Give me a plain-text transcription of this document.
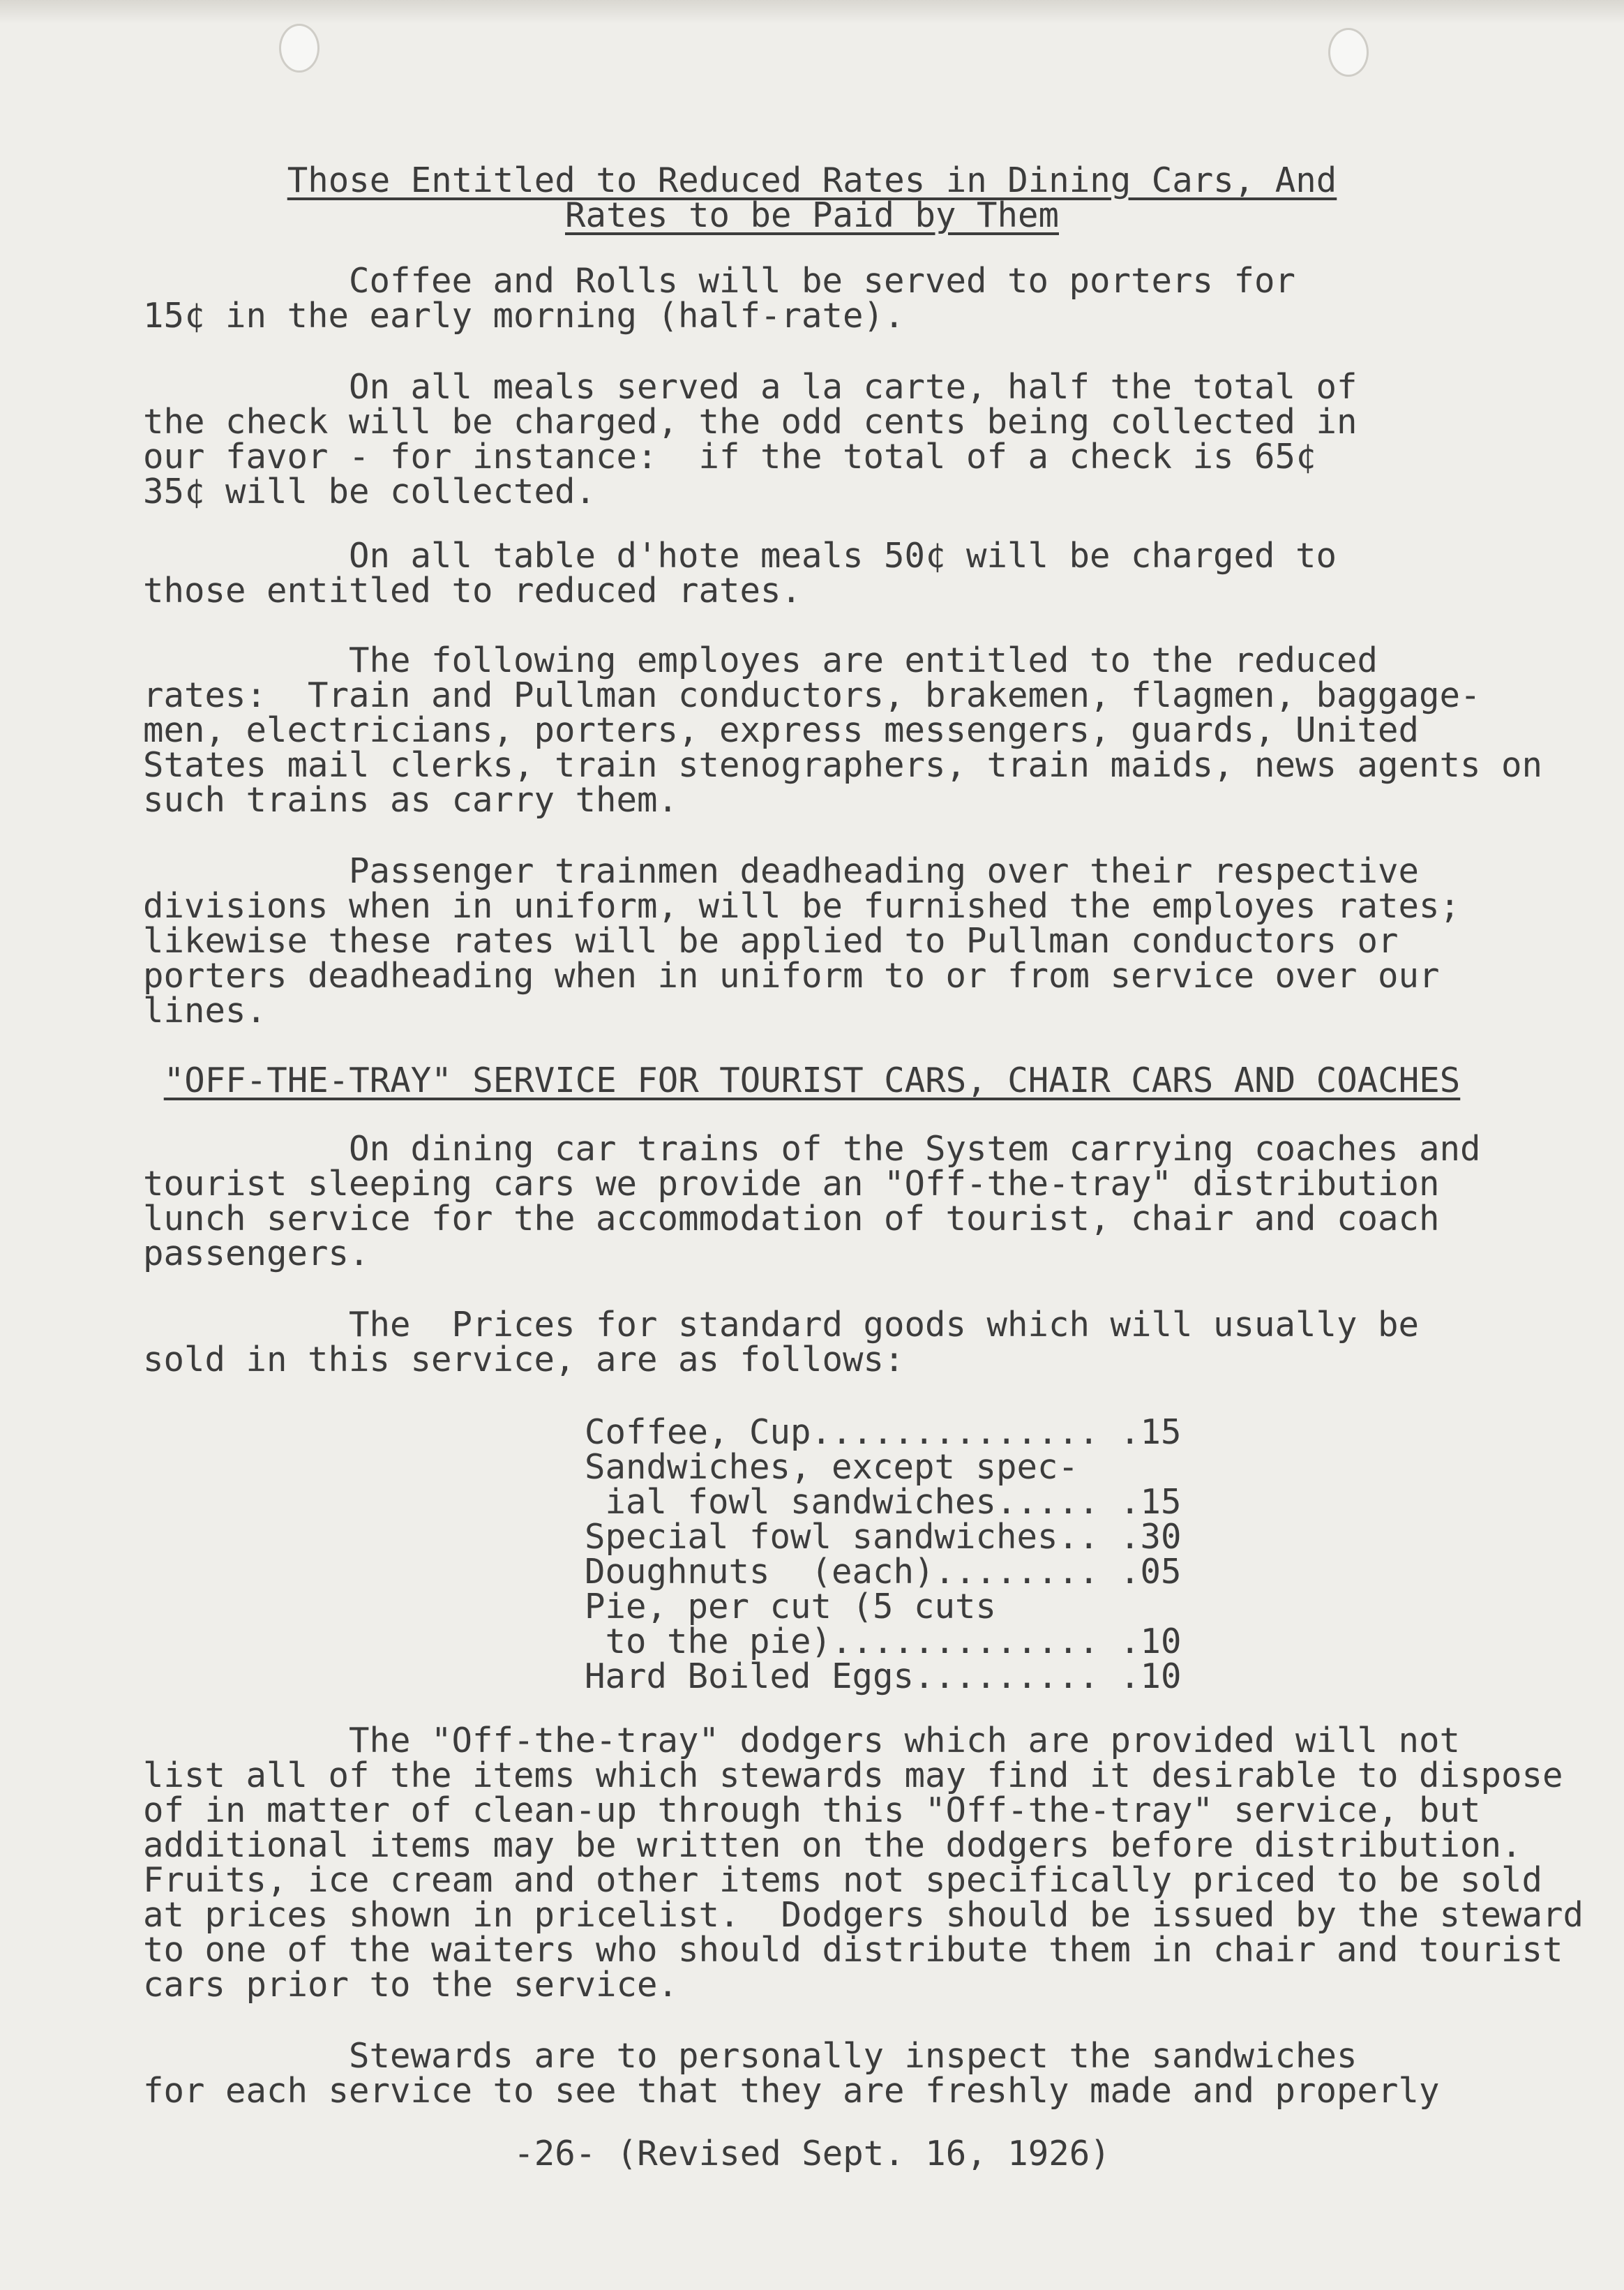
Those Entitled to Reduced Rates in Dining Cars, And
Rates to be Paid by Them

Coffee and Rolls will be served to porters for
15¢ in the early morning (half-rate).

On all meals served a la carte, half the total of
the check will be charged, the odd cents being collected in
our favor - for instance:  if the total of a check is 65¢
35¢ will be collected.

On all table d'hote meals 50¢ will be charged to
those entitled to reduced rates.

The following employes are entitled to the reduced
rates:  Train and Pullman conductors, brakemen, flagmen, baggage-
men, electricians, porters, express messengers, guards, United
States mail clerks, train stenographers, train maids, news agents on
such trains as carry them.

Passenger trainmen deadheading over their respective
divisions when in uniform, will be furnished the employes rates;
likewise these rates will be applied to Pullman conductors or
porters deadheading when in uniform to or from service over our
lines.

"OFF-THE-TRAY" SERVICE FOR TOURIST CARS, CHAIR CARS AND COACHES

On dining car trains of the System carrying coaches and
tourist sleeping cars we provide an "Off-the-tray" distribution
lunch service for the accommodation of tourist, chair and coach
passengers.

The  Prices for standard goods which will usually be
sold in this service, are as follows:

Coffee, Cup.............. .15
Sandwiches, except spec-
ial fowl sandwiches..... .15
Special fowl sandwiches.. .30
Doughnuts  (each)........ .05
Pie, per cut (5 cuts
to the pie)............. .10
Hard Boiled Eggs......... .10

The "Off-the-tray" dodgers which are provided will not
list all of the items which stewards may find it desirable to dispose
of in matter of clean-up through this "Off-the-tray" service, but
additional items may be written on the dodgers before distribution.
Fruits, ice cream and other items not specifically priced to be sold
at prices shown in pricelist.  Dodgers should be issued by the steward
to one of the waiters who should distribute them in chair and tourist
cars prior to the service.

Stewards are to personally inspect the sandwiches
for each service to see that they are freshly made and properly

-26- (Revised Sept. 16, 1926)
